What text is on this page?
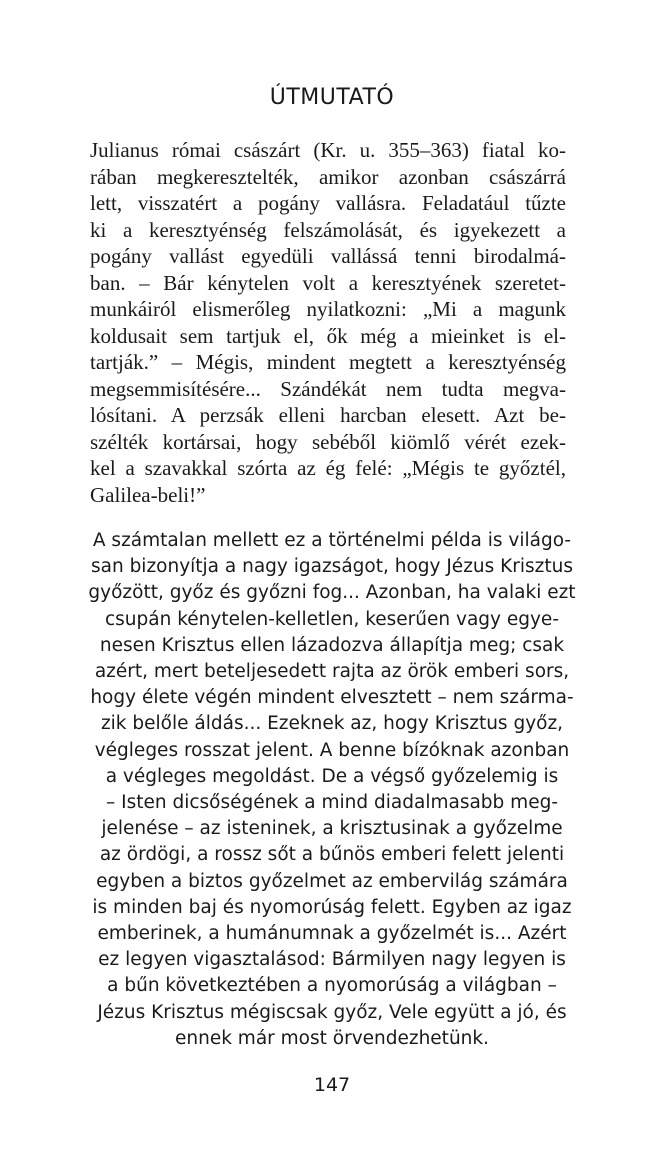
ÚTMUTATÓ
Julianus római császárt (Kr. u. 355–363) fiatal ko-
rában megkeresztelték, amikor azonban császárrá
lett, visszatért a pogány vallásra. Feladatául tűzte
ki a keresztyénség felszámolását, és igyekezett a
pogány vallást egyedüli vallássá tenni birodalmá-
ban. – Bár kénytelen volt a keresztyének szeretet-
munkáiról elismerőleg nyilatkozni: „Mi a magunk
koldusait sem tartjuk el, ők még a mieinket is el-
tartják.” – Mégis, mindent megtett a keresztyénség
megsemmisítésére... Szándékát nem tudta megva-
lósítani. A perzsák elleni harcban elesett. Azt be-
szélték kortársai, hogy sebéből kiömlő vérét ezek-
kel a szavakkal szórta az ég felé: „Mégis te győztél,
Galilea-beli!”
A számtalan mellett ez a történelmi példa is világo-
san bizonyítja a nagy igazságot, hogy Jézus Krisztus
győzött, győz és győzni fog... Azonban, ha valaki ezt
csupán kénytelen-kelletlen, keserűen vagy egye-
nesen Krisztus ellen lázadozva állapítja meg; csak
azért, mert beteljesedett rajta az örök emberi sors,
hogy élete végén mindent elvesztett – nem szárma-
zik belőle áldás... Ezeknek az, hogy Krisztus győz,
végleges rosszat jelent. A benne bízóknak azonban
a végleges megoldást. De a végső győzelemig is
– Isten dicsőségének a mind diadalmasabb meg-
jelenése – az isteninek, a krisztusinak a győzelme
az ördögi, a rossz sőt a bűnös emberi felett jelenti
egyben a biztos győzelmet az embervilág számára
is minden baj és nyomorúság felett. Egyben az igaz
emberinek, a humánumnak a győzelmét is... Azért
ez legyen vigasztalásod: Bármilyen nagy legyen is
a bűn következtében a nyomorúság a világban –
Jézus Krisztus mégiscsak győz, Vele együtt a jó, és
ennek már most örvendezhetünk.
147
